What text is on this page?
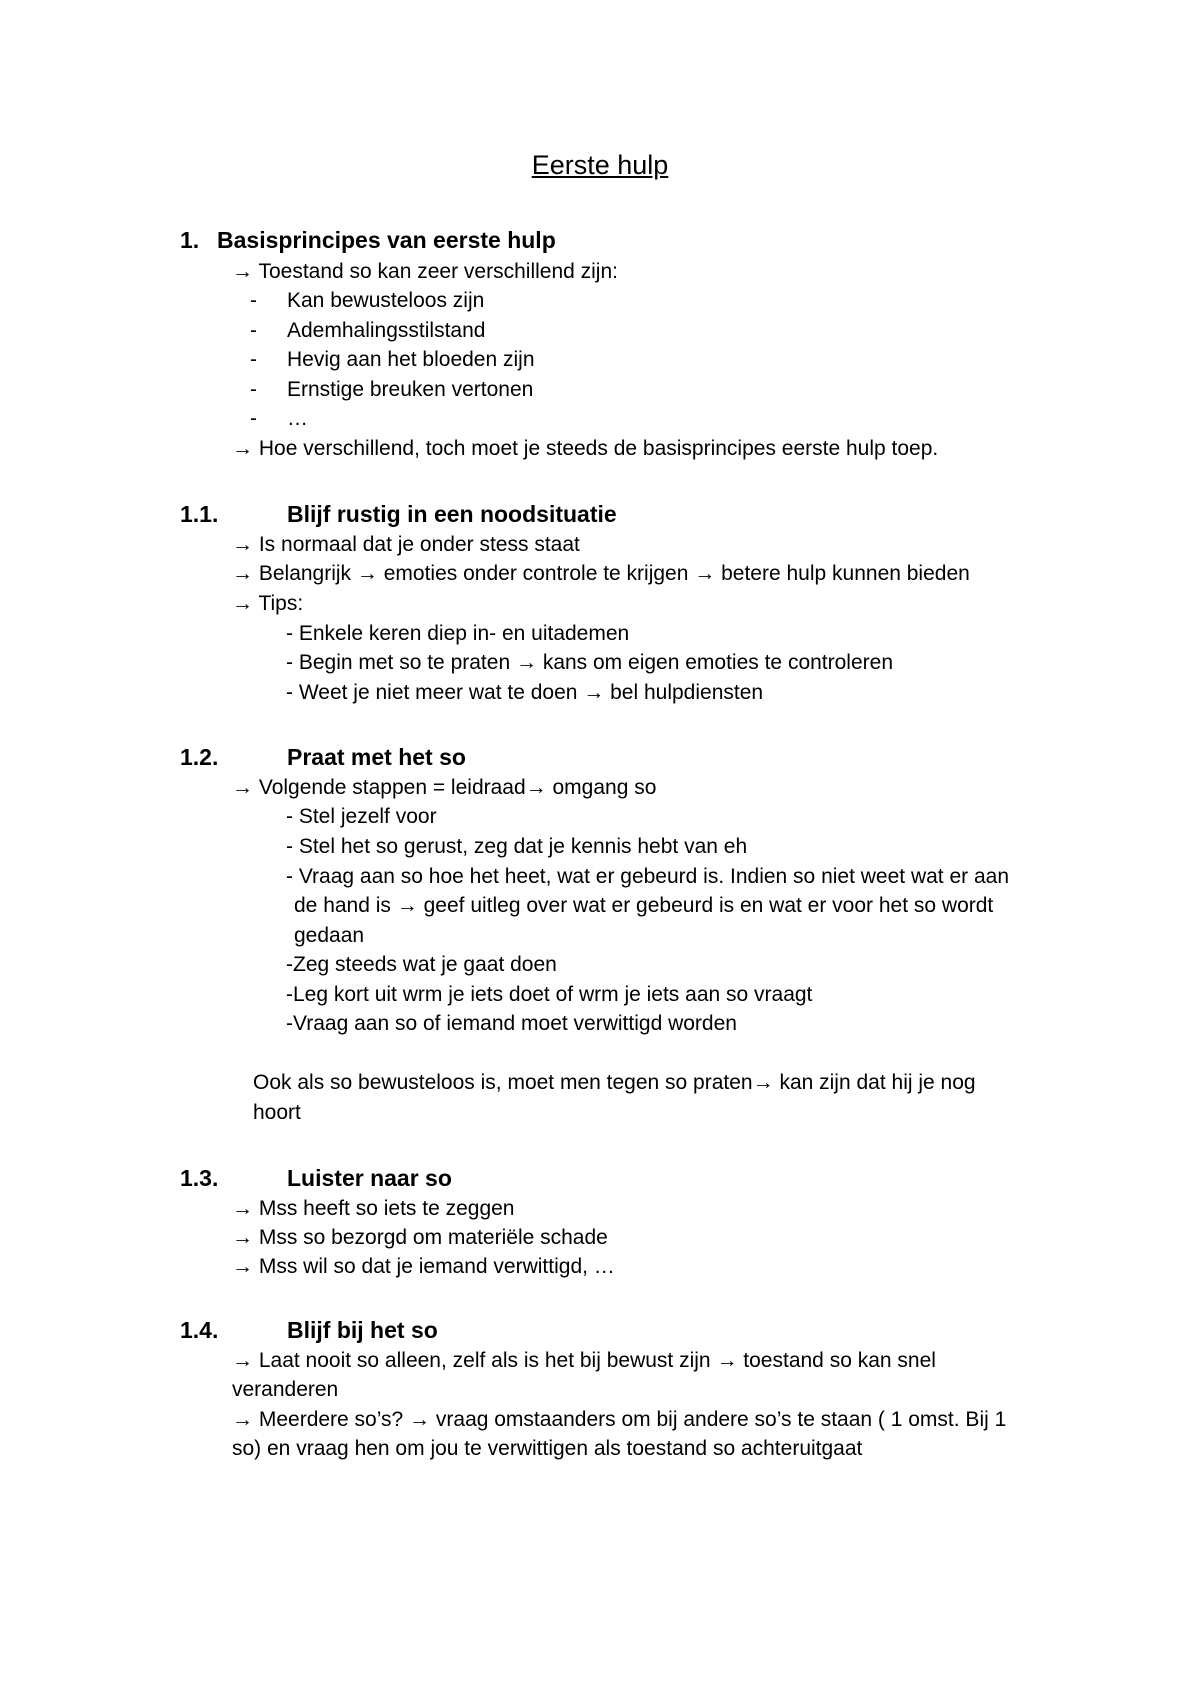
Eerste hulp
1. Basisprincipes van eerste hulp
→ Toestand so kan zeer verschillend zijn:
- Kan bewusteloos zijn
- Ademhalingsstilstand
- Hevig aan het bloeden zijn
- Ernstige breuken vertonen
- …
→ Hoe verschillend, toch moet je steeds de basisprincipes eerste hulp toep.
1.1.	Blijf rustig in een noodsituatie
→ Is normaal dat je onder stess staat
→ Belangrijk → emoties onder controle te krijgen → betere hulp kunnen bieden
→ Tips:
- Enkele keren diep in- en uitademen
- Begin met so te praten → kans om eigen emoties te controleren
- Weet je niet meer wat te doen → bel hulpdiensten
1.2.	Praat met het so
→ Volgende stappen = leidraad→ omgang so
- Stel jezelf voor
- Stel het so gerust, zeg dat je kennis hebt van eh
- Vraag aan so hoe het heet, wat er gebeurd is. Indien so niet weet wat er aan
de hand is → geef uitleg over wat er gebeurd is en wat er voor het so wordt
gedaan
-Zeg steeds wat je gaat doen
-Leg kort uit wrm je iets doet of wrm je iets aan so vraagt
-Vraag aan so of iemand moet verwittigd worden
Ook als so bewusteloos is, moet men tegen so praten→ kan zijn dat hij je nog
hoort
1.3.	Luister naar so
→ Mss heeft so iets te zeggen
→ Mss so bezorgd om materiële schade
→ Mss wil so dat je iemand verwittigd, …
1.4.	Blijf bij het so
→ Laat nooit so alleen, zelf als is het bij bewust zijn → toestand so kan snel
veranderen
→ Meerdere so’s? → vraag omstaanders om bij andere so’s te staan ( 1 omst. Bij 1
so) en vraag hen om jou te verwittigen als toestand so achteruitgaat
